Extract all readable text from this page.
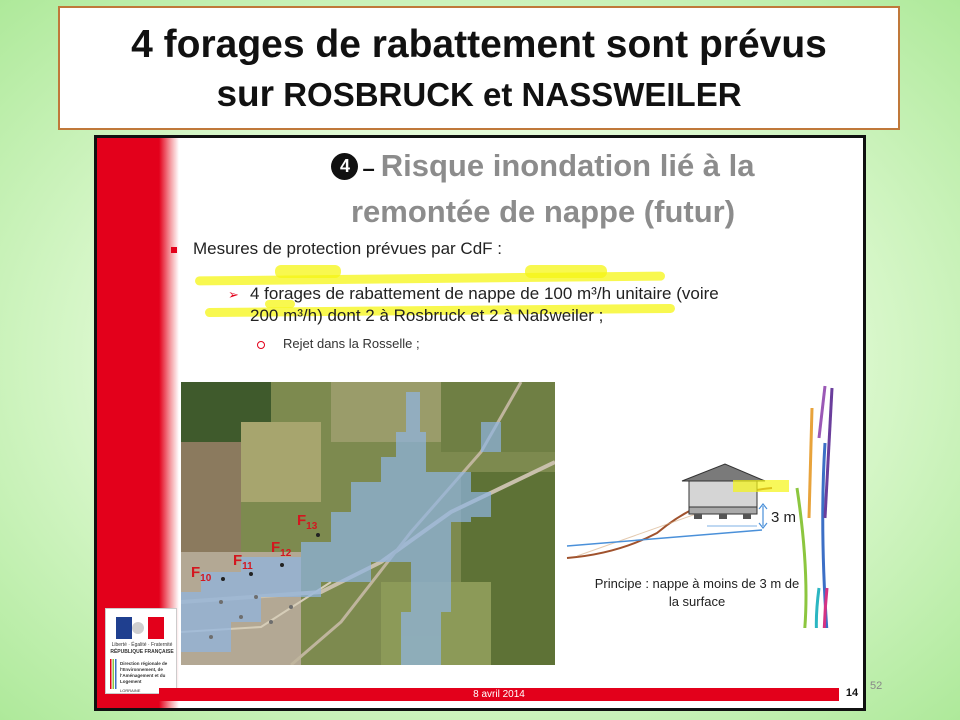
4 forages de rabattement sont prévus
sur ROSBRUCK et NASSWEILER
4 – Risque inondation lié à la
remontée de nappe (futur)
Mesures de protection prévues par CdF :
➢ 4 forages de rabattement de nappe de 100 m³/h unitaire (voire
200 m³/h) dont 2 à Rosbruck et 2 à Naßweiler ;
Rejet dans la Rosselle ;
$F_{10}$
$F_{11}$
$F_{12}$
$F_{13}$
3 m
Principe : nappe à moins de 3 m de
la surface
Liberté · Égalité · Fraternité
RÉPUBLIQUE FRANÇAISE
Direction régionale de l'Environnement, de l'Aménagement et du Logement
LORRAINE	8 avril 2014	14
52
